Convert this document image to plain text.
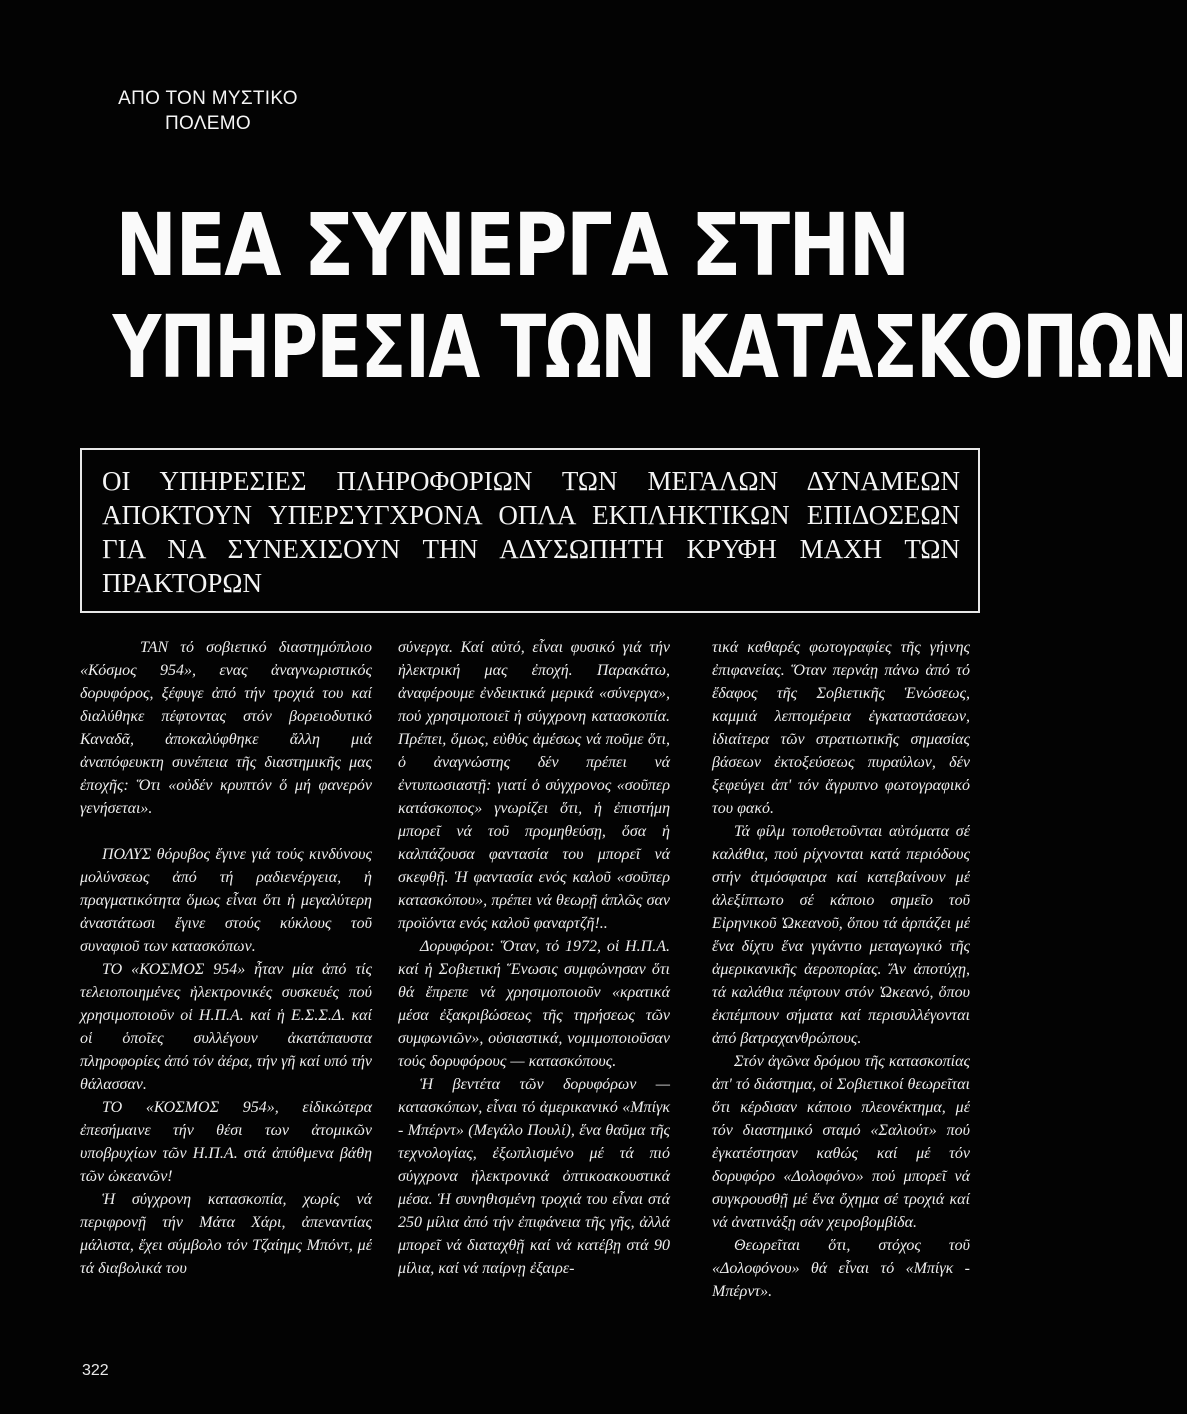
ΑΠΟ ΤΟΝ ΜΥΣΤΙΚΟ ΠΟΛΕΜΟ
ΝΕΑ ΣΥΝΕΡΓΑ ΣΤΗΝ
ΥΠΗΡΕΣΙΑ ΤΩΝ ΚΑΤΑΣΚΟΠΩΝ
ΟΙ ΥΠΗΡΕΣΙΕΣ ΠΛΗΡΟΦΟΡΙΩΝ ΤΩΝ ΜΕΓΑΛΩΝ ΔΥΝΑΜΕΩΝ ΑΠΟΚΤΟΥΝ ΥΠΕΡΣΥΓΧΡΟΝΑ ΟΠΛΑ ΕΚΠΛΗΚΤΙΚΩΝ ΕΠΙΔΟΣΕΩΝ ΓΙΑ ΝΑ ΣΥΝΕΧΙΣΟΥΝ ΤΗΝ ΑΔΥΣΩΠΗΤΗ ΚΡΥΦΗ ΜΑΧΗ ΤΩΝ ΠΡΑΚΤΟΡΩΝ

ΤΑΝ τό σοβιετικό διαστημόπλοιο «Κόσμος 954», ενας ἀναγνωριστικός δορυφόρος, ξέφυγε ἀπό τήν τροχιά του καί διαλύθηκε πέφτοντας στόν βορειοδυτικό Καναδᾶ, ἀποκαλύφθηκε ἄλλη μιά ἀναπόφευκτη συνέπεια τῆς διαστημικῆς μας ἐποχῆς: Ὅτι «οὐδέν κρυπτόν ὅ μή φανερόν γενήσεται».

ΠΟΛΥΣ θόρυβος ἔγινε γιά τούς κινδύνους μολύνσεως ἀπό τή ραδιενέργεια, ἡ πραγματικότητα ὅμως εἶναι ὅτι ἡ μεγαλύτερη ἀναστάτωσι ἔγινε στούς κύκλους τοῦ συναφιοῦ των κατασκόπων.

ΤΟ «ΚΟΣΜΟΣ 954» ἦταν μία ἀπό τίς τελειοποιημένες ἠλεκτρονικές συσκευές πού χρησιμοποιοῦν οἱ Η.Π.Α. καί ἡ Ε.Σ.Σ.Δ. καί οἱ ὁποῖες συλλέγουν ἀκατάπαυστα πληροφορίες ἀπό τόν ἀέρα, τήν γῆ καί υπό τήν θάλασσαν.

ΤΟ «ΚΟΣΜΟΣ 954», εἰδικώτερα ἐπεσήμαινε τήν θέσι των ἀτομικῶν υποβρυχίων τῶν Η.Π.Α. στά ἀπύθμενα βάθη τῶν ὠκεανῶν!

Ἡ σύγχρονη κατασκοπία, χωρίς νά περιφρονῇ τήν Μάτα Χάρι, ἀπεναντίας μάλιστα, ἔχει σύμβολο τόν Τζαίημς Μπόντ, μέ τά διαβολικά του

σύνεργα. Καί αὐτό, εἶναι φυσικό γιά τήν ἠλεκτρική μας ἐποχή. Παρακάτω, ἀναφέρουμε ἐνδεικτικά μερικά «σύνεργα», πού χρησιμοποιεῖ ἡ σύγχρονη κατασκοπία. Πρέπει, ὅμως, εὐθύς ἀμέσως νά ποῦμε ὅτι, ὁ ἀναγνώστης δέν πρέπει νά ἐντυπωσιαστῇ: γιατί ὁ σύγχρονος «σοῦπερ κατάσκοπος» γνωρίζει ὅτι, ἡ ἐπιστήμη μπορεῖ νά τοῦ προμηθεύσῃ, ὅσα ἡ καλπάζουσα φαντασία του μπορεῖ νά σκεφθῇ. Ἡ φαντασία ενός καλοῦ «σοῦπερ κατασκόπου», πρέπει νά θεωρῇ ἁπλῶς σαν προϊόντα ενός καλοῦ φαναρτζῆ!..

Δορυφόροι: Ὅταν, τό 1972, οἱ Η.Π.Α. καί ἡ Σοβιετική Ἕνωσις συμφώνησαν ὅτι θά ἔπρεπε νά χρησιμοποιοῦν «κρατικά μέσα ἐξακριβώσεως τῆς τηρήσεως τῶν συμφωνιῶν», οὐσιαστικά, νομιμοποιοῦσαν τούς δορυφόρους — κατασκόπους.

Ἡ βεντέτα τῶν δορυφόρων — κατασκόπων, εἶναι τό ἀμερικανικό «Μπίγκ - Μπέρντ» (Μεγάλο Πουλί), ἕνα θαῦμα τῆς τεχνολογίας, ἐξωπλισμένο μέ τά πιό σύγχρονα ἠλεκτρονικά ὀπτικοακουστικά μέσα. Ἡ συνηθισμένη τροχιά του εἶναι στά 250 μίλια ἀπό τήν ἐπιφάνεια τῆς γῆς, ἀλλά μπορεῖ νά διαταχθῇ καί νά κατέβῃ στά 90 μίλια, καί νά παίρνῃ ἐξαιρε-

τικά καθαρές φωτογραφίες τῆς γήινης ἐπιφανείας. Ὅταν περνάῃ πάνω ἀπό τό ἔδαφος τῆς Σοβιετικῆς Ἑνώσεως, καμμιά λεπτομέρεια ἐγκαταστάσεων, ἰδιαίτερα τῶν στρατιωτικῆς σημασίας βάσεων ἐκτοξεύσεως πυραύλων, δέν ξεφεύγει ἀπ' τόν ἄγρυπνο φωτογραφικό του φακό.

Τά φίλμ τοποθετοῦνται αὐτόματα σέ καλάθια, πού ρίχνονται κατά περιόδους στήν ἀτμόσφαιρα καί κατεβαίνουν μέ ἀλεξίπτωτο σέ κάποιο σημεῖο τοῦ Εἰρηνικοῦ Ὠκεανοῦ, ὅπου τά ἁρπάζει μέ ἕνα δίχτυ ἕνα γιγάντιο μεταγωγικό τῆς ἀμερικανικῆς ἀεροπορίας. Ἄν ἀποτύχῃ, τά καλάθια πέφτουν στόν Ὠκεανό, ὅπου ἐκπέμπουν σήματα καί περισυλλέγονται ἀπό βατραχανθρώπους.

Στόν ἀγῶνα δρόμου τῆς κατασκοπίας ἀπ' τό διάστημα, οἱ Σοβιετικοί θεωρεῖται ὅτι κέρδισαν κάποιο πλεονέκτημα, μέ τόν διαστημικό σταμό «Σαλιούτ» πού ἐγκατέστησαν καθώς καί μέ τόν δορυφόρο «Δολοφόνο» πού μπορεῖ νά συγκρουσθῇ μέ ἕνα ὄχημα σέ τροχιά καί νά ἀνατινάξῃ σάν χειροβομβίδα.

Θεωρεῖται ὅτι, στόχος τοῦ «Δολοφόνου» θά εἶναι τό «Μπίγκ - Μπέρντ».

322
